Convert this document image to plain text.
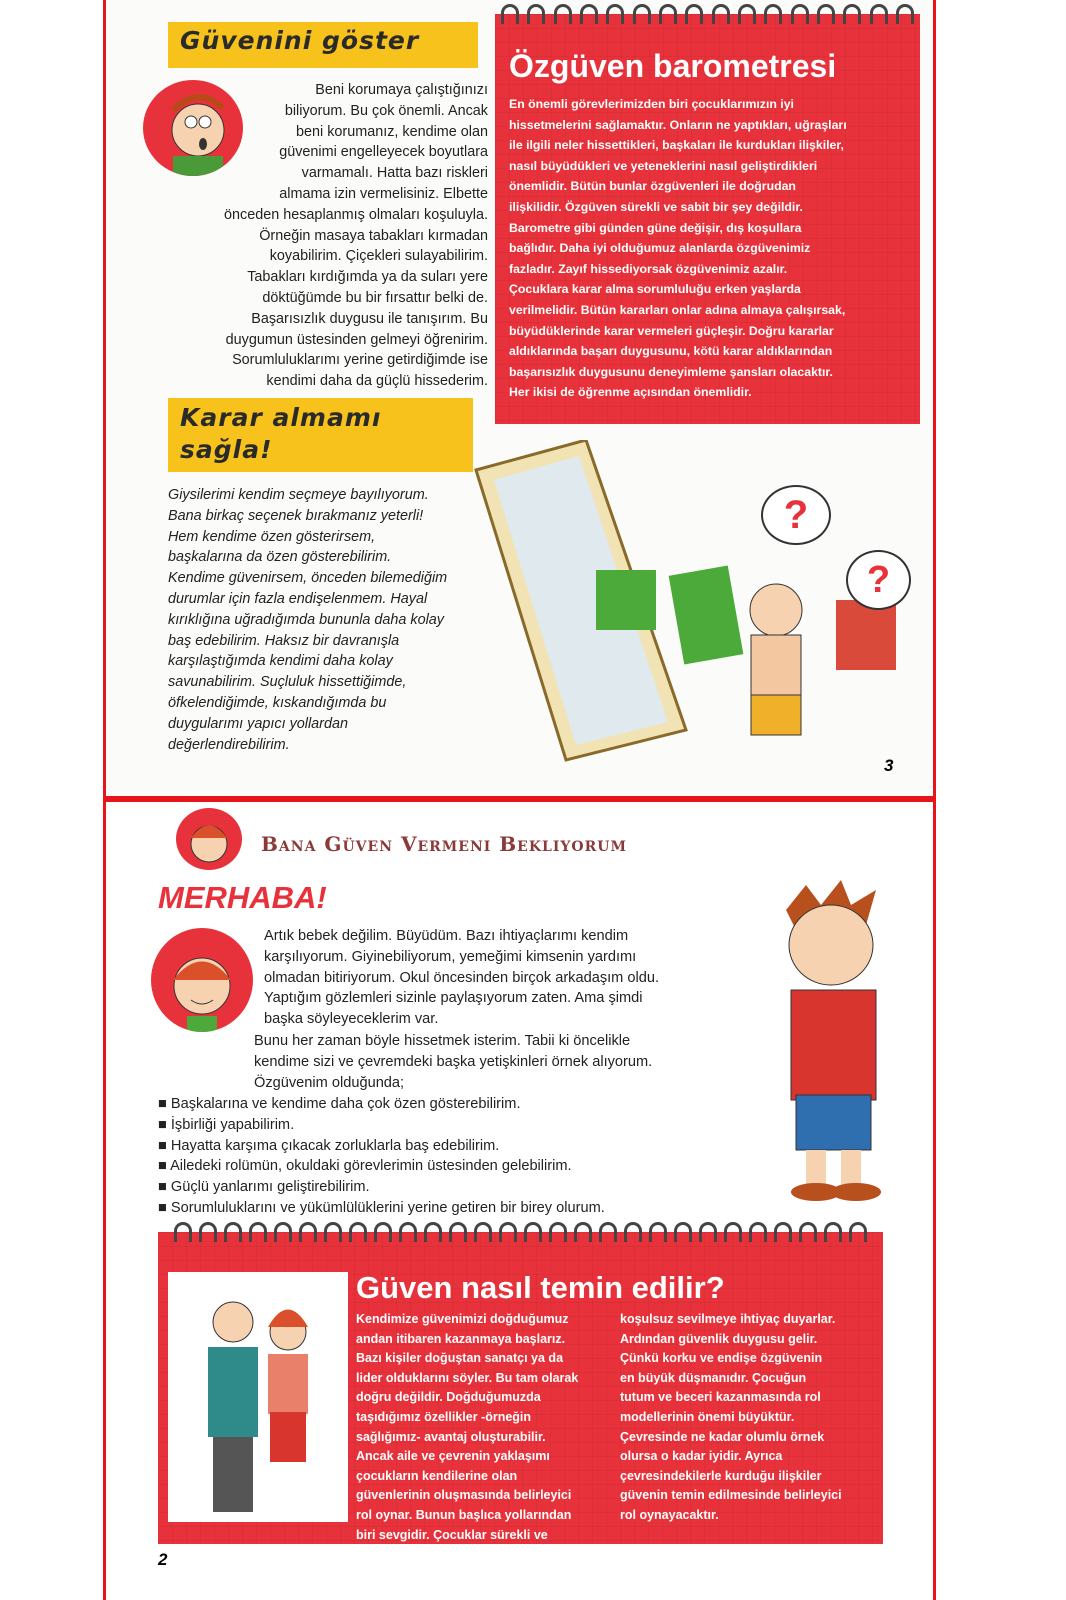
Güvenini göster
Beni korumaya çalıştığınızı
biliyorum. Bu çok önemli. Ancak
beni korumanız, kendime olan
güvenimi engelleyecek boyutlara
varmamalı. Hatta bazı riskleri
almama izin vermelisiniz. Elbette
önceden hesaplanmış olmaları koşuluyla.
Örneğin masaya tabakları kırmadan
koyabilirim. Çiçekleri sulayabilirim.
Tabakları kırdığımda ya da suları yere
döktüğümde bu bir fırsattır belki de.
Başarısızlık duygusu ile tanışırım. Bu
duygumun üstesinden gelmeyi öğrenirim.
Sorumluluklarımı yerine getirdiğimde ise
kendimi daha da güçlü hissederim.
Özgüven barometresi
En önemli görevlerimizden biri çocuklarımızın iyi
hissetmelerini sağlamaktır. Onların ne yaptıkları, uğraşları
ile ilgili neler hissettikleri, başkaları ile kurdukları ilişkiler,
nasıl büyüdükleri ve yeteneklerini nasıl geliştirdikleri
önemlidir. Bütün bunlar özgüvenleri ile doğrudan
ilişkilidir. Özgüven sürekli ve sabit bir şey değildir.
Barometre gibi günden güne değişir, dış koşullara
bağlıdır. Daha iyi olduğumuz alanlarda özgüvenimiz
fazladır. Zayıf hissediyorsak özgüvenimiz azalır.
Çocuklara karar alma sorumluluğu erken yaşlarda
verilmelidir. Bütün kararları onlar adına almaya çalışırsak,
büyüdüklerinde karar vermeleri güçleşir. Doğru kararlar
aldıklarında başarı duygusunu, kötü karar aldıklarından
başarısızlık duygusunu deneyimleme şansları olacaktır.
Her ikisi de öğrenme açısından önemlidir.
Karar almamı
sağla!
Giysilerimi kendim seçmeye bayılıyorum.
Bana birkaç seçenek bırakmanız yeterli!
Hem kendime özen gösterirsem,
başkalarına da özen gösterebilirim.
Kendime güvenirsem, önceden bilemediğim
durumlar için fazla endişelenmem. Hayal
kırıklığına uğradığımda bununla daha kolay
baş edebilirim. Haksız bir davranışla
karşılaştığımda kendimi daha kolay
savunabilirim. Suçluluk hissettiğimde,
öfkelendiğimde, kıskandığımda bu
duygularımı yapıcı yollardan
değerlendirebilirim.
?
?
3
Bana Güven Vermeni Bekliyorum
MERHABA!
Artık bebek değilim. Büyüdüm. Bazı ihtiyaçlarımı kendim
karşılıyorum. Giyinebiliyorum, yemeğimi kimsenin yardımı
olmadan bitiriyorum. Okul öncesinden birçok arkadaşım oldu.
Yaptığım gözlemleri sizinle paylaşıyorum zaten. Ama şimdi
başka söyleyeceklerim var.
Bunu her zaman böyle hissetmek isterim. Tabii ki öncelikle
kendime sizi ve çevremdeki başka yetişkinleri örnek alıyorum.
Özgüvenim olduğunda;
■ Başkalarına ve kendime daha çok özen gösterebilirim.
■ İşbirliği yapabilirim.
■ Hayatta karşıma çıkacak zorluklarla baş edebilirim.
■ Ailedeki rolümün, okuldaki görevlerimin üstesinden gelebilirim.
■ Güçlü yanlarımı geliştirebilirim.
■ Sorumluluklarını ve yükümlülüklerini yerine getiren bir birey olurum.
Güven nasıl temin edilir?
Kendimize güvenimizi doğduğumuz
andan itibaren kazanmaya başlarız.
Bazı kişiler doğuştan sanatçı ya da
lider olduklarını söyler. Bu tam olarak
doğru değildir. Doğduğumuzda
taşıdığımız özellikler -örneğin
sağlığımız- avantaj oluşturabilir.
Ancak aile ve çevrenin yaklaşımı
çocukların kendilerine olan
güvenlerinin oluşmasında belirleyici
rol oynar. Bunun başlıca yollarından
biri sevgidir. Çocuklar sürekli ve
koşulsuz sevilmeye ihtiyaç duyarlar.
Ardından güvenlik duygusu gelir.
Çünkü korku ve endişe özgüvenin
en büyük düşmanıdır. Çocuğun
tutum ve beceri kazanmasında rol
modellerinin önemi büyüktür.
Çevresinde ne kadar olumlu örnek
olursa o kadar iyidir. Ayrıca
çevresindekilerle kurduğu ilişkiler
güvenin temin edilmesinde belirleyici
rol oynayacaktır.
2
